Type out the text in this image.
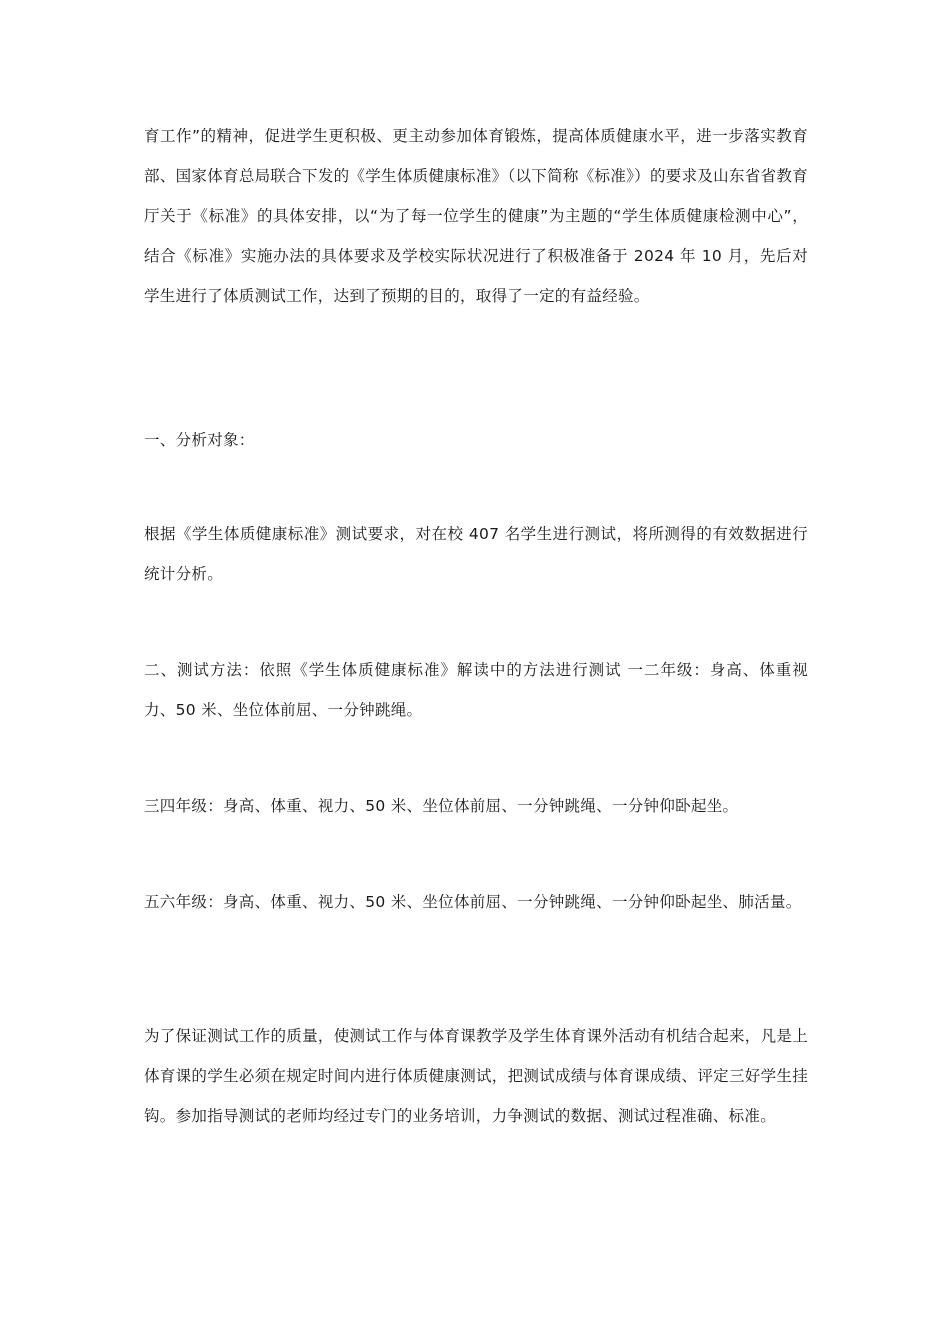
育工作”的精神，促进学生更积极、更主动参加体育锻炼，提高体质健康水平，进一步落实教育部、国家体育总局联合下发的《学生体质健康标准》（以下简称《标准》）的要求及山东省省教育厅关于《标准》的具体安排，以“为了每一位学生的健康”为主题的“学生体质健康检测中心”，结合《标准》实施办法的具体要求及学校实际状况进行了积极准备于 2024 年 10 月，先后对学生进行了体质测试工作，达到了预期的目的，取得了一定的有益经验。

一、分析对象：

根据《学生体质健康标准》测试要求，对在校 407 名学生进行测试，将所测得的有效数据进行统计分析。

二、测试方法：依照《学生体质健康标准》解读中的方法进行测试 一二年级：身高、体重视力、50 米、坐位体前屈、一分钟跳绳。

三四年级：身高、体重、视力、50 米、坐位体前屈、一分钟跳绳、一分钟仰卧起坐。

五六年级：身高、体重、视力、50 米、坐位体前屈、一分钟跳绳、一分钟仰卧起坐、肺活量。

为了保证测试工作的质量，使测试工作与体育课教学及学生体育课外活动有机结合起来，凡是上体育课的学生必须在规定时间内进行体质健康测试，把测试成绩与体育课成绩、评定三好学生挂钩。参加指导测试的老师均经过专门的业务培训，力争测试的数据、测试过程准确、标准。
